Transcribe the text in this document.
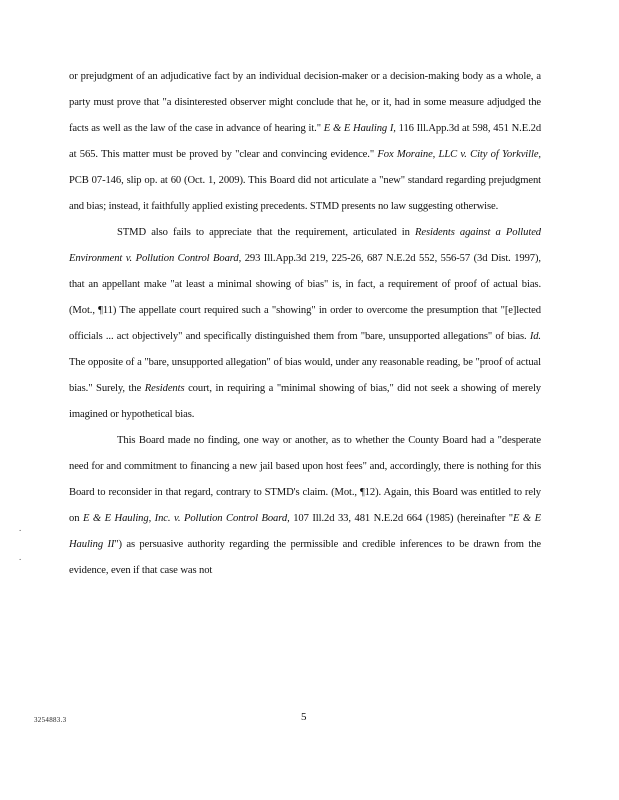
or prejudgment of an adjudicative fact by an individual decision-maker or a decision-making body as a whole, a party must prove that "a disinterested observer might conclude that he, or it, had in some measure adjudged the facts as well as the law of the case in advance of hearing it." E & E Hauling I, 116 Ill.App.3d at 598, 451 N.E.2d at 565. This matter must be proved by "clear and convincing evidence." Fox Moraine, LLC v. City of Yorkville, PCB 07-146, slip op. at 60 (Oct. 1, 2009). This Board did not articulate a "new" standard regarding prejudgment and bias; instead, it faithfully applied existing precedents. STMD presents no law suggesting otherwise.

STMD also fails to appreciate that the requirement, articulated in Residents against a Polluted Environment v. Pollution Control Board, 293 Ill.App.3d 219, 225-26, 687 N.E.2d 552, 556-57 (3d Dist. 1997), that an appellant make "at least a minimal showing of bias" is, in fact, a requirement of proof of actual bias. (Mot., ¶11) The appellate court required such a "showing" in order to overcome the presumption that "[e]lected officials ... act objectively" and specifically distinguished them from "bare, unsupported allegations" of bias. Id. The opposite of a "bare, unsupported allegation" of bias would, under any reasonable reading, be "proof of actual bias." Surely, the Residents court, in requiring a "minimal showing of bias," did not seek a showing of merely imagined or hypothetical bias.

This Board made no finding, one way or another, as to whether the County Board had a "desperate need for and commitment to financing a new jail based upon host fees" and, accordingly, there is nothing for this Board to reconsider in that regard, contrary to STMD's claim. (Mot., ¶12). Again, this Board was entitled to rely on E & E Hauling, Inc. v. Pollution Control Board, 107 Ill.2d 33, 481 N.E.2d 664 (1985) (hereinafter "E & E Hauling II") as persuasive authority regarding the permissible and credible inferences to be drawn from the evidence, even if that case was not

.
.
3254883.3	5
